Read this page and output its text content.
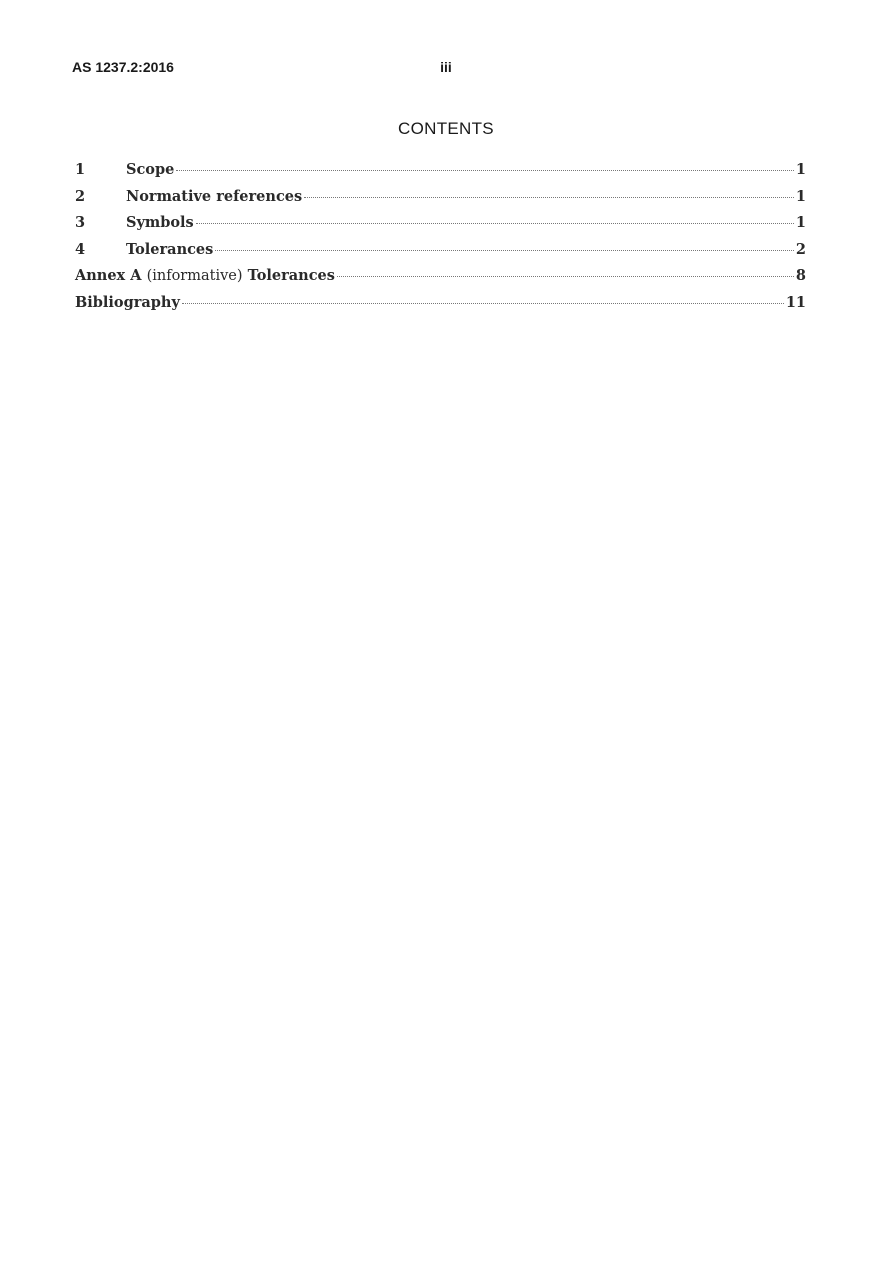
AS 1237.2:2016	iii
CONTENTS
1	Scope	1
2	Normative references	1
3	Symbols	1
4	Tolerances	2
Annex A (informative) Tolerances	8
Bibliography	11
